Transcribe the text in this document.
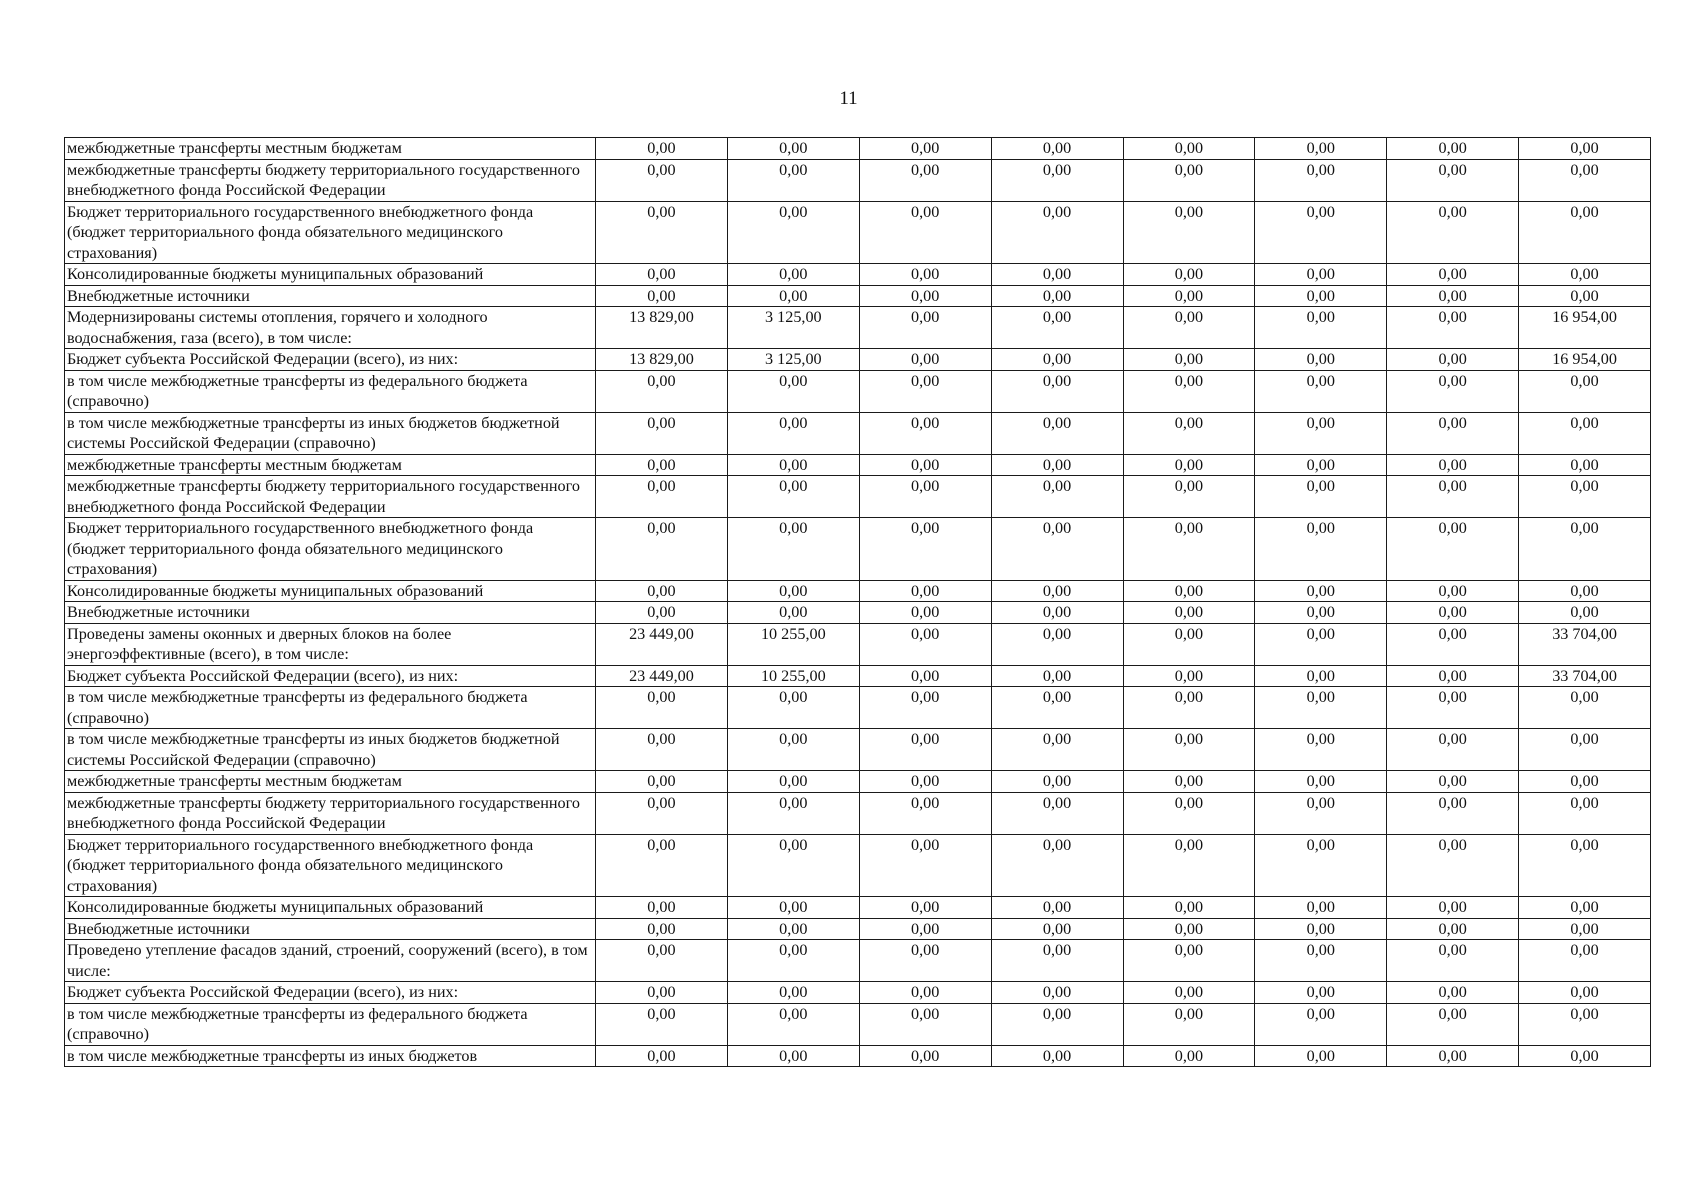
11
межбюджетные трансферты местным бюджетам	0,00	0,00	0,00	0,00	0,00	0,00	0,00	0,00
межбюджетные трансферты бюджету территориального государственного внебюджетного фонда Российской Федерации	0,00	0,00	0,00	0,00	0,00	0,00	0,00	0,00
Бюджет территориального государственного внебюджетного фонда (бюджет территориального фонда обязательного медицинского страхования)	0,00	0,00	0,00	0,00	0,00	0,00	0,00	0,00
Консолидированные бюджеты муниципальных образований	0,00	0,00	0,00	0,00	0,00	0,00	0,00	0,00
Внебюджетные источники	0,00	0,00	0,00	0,00	0,00	0,00	0,00	0,00
Модернизированы системы отопления, горячего и холодного водоснабжения, газа (всего), в том числе:	13 829,00	3 125,00	0,00	0,00	0,00	0,00	0,00	16 954,00
Бюджет субъекта Российской Федерации (всего), из них:	13 829,00	3 125,00	0,00	0,00	0,00	0,00	0,00	16 954,00
в том числе межбюджетные трансферты из федерального бюджета (справочно)	0,00	0,00	0,00	0,00	0,00	0,00	0,00	0,00
в том числе межбюджетные трансферты из иных бюджетов бюджетной системы Российской Федерации (справочно)	0,00	0,00	0,00	0,00	0,00	0,00	0,00	0,00
межбюджетные трансферты местным бюджетам	0,00	0,00	0,00	0,00	0,00	0,00	0,00	0,00
межбюджетные трансферты бюджету территориального государственного внебюджетного фонда Российской Федерации	0,00	0,00	0,00	0,00	0,00	0,00	0,00	0,00
Бюджет территориального государственного внебюджетного фонда (бюджет территориального фонда обязательного медицинского страхования)	0,00	0,00	0,00	0,00	0,00	0,00	0,00	0,00
Консолидированные бюджеты муниципальных образований	0,00	0,00	0,00	0,00	0,00	0,00	0,00	0,00
Внебюджетные источники	0,00	0,00	0,00	0,00	0,00	0,00	0,00	0,00
Проведены замены оконных и дверных блоков на более энергоэффективные (всего), в том числе:	23 449,00	10 255,00	0,00	0,00	0,00	0,00	0,00	33 704,00
Бюджет субъекта Российской Федерации (всего), из них:	23 449,00	10 255,00	0,00	0,00	0,00	0,00	0,00	33 704,00
в том числе межбюджетные трансферты из федерального бюджета (справочно)	0,00	0,00	0,00	0,00	0,00	0,00	0,00	0,00
в том числе межбюджетные трансферты из иных бюджетов бюджетной системы Российской Федерации (справочно)	0,00	0,00	0,00	0,00	0,00	0,00	0,00	0,00
межбюджетные трансферты местным бюджетам	0,00	0,00	0,00	0,00	0,00	0,00	0,00	0,00
межбюджетные трансферты бюджету территориального государственного внебюджетного фонда Российской Федерации	0,00	0,00	0,00	0,00	0,00	0,00	0,00	0,00
Бюджет территориального государственного внебюджетного фонда (бюджет территориального фонда обязательного медицинского страхования)	0,00	0,00	0,00	0,00	0,00	0,00	0,00	0,00
Консолидированные бюджеты муниципальных образований	0,00	0,00	0,00	0,00	0,00	0,00	0,00	0,00
Внебюджетные источники	0,00	0,00	0,00	0,00	0,00	0,00	0,00	0,00
Проведено утепление фасадов зданий, строений, сооружений (всего), в том числе:	0,00	0,00	0,00	0,00	0,00	0,00	0,00	0,00
Бюджет субъекта Российской Федерации (всего), из них:	0,00	0,00	0,00	0,00	0,00	0,00	0,00	0,00
в том числе межбюджетные трансферты из федерального бюджета (справочно)	0,00	0,00	0,00	0,00	0,00	0,00	0,00	0,00
в том числе межбюджетные трансферты из иных бюджетов	0,00	0,00	0,00	0,00	0,00	0,00	0,00	0,00
